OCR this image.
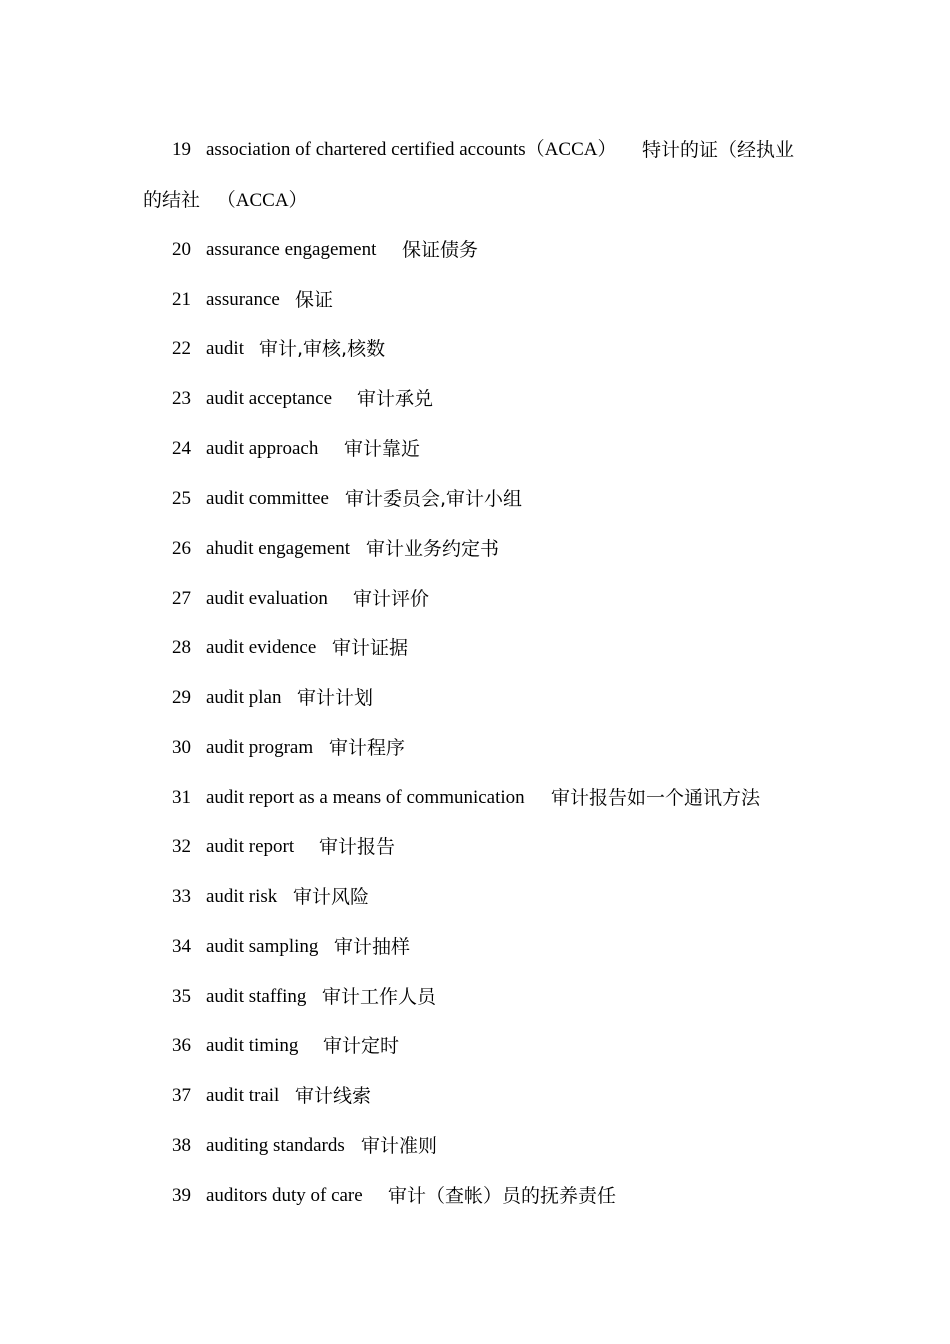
19 association of chartered certified accounts（ACCA） 特计的证（经执业
的结社 （ACCA）
20 assurance engagement 保证债务
21 assurance 保证
22 audit 审计,审核,核数
23 audit acceptance 审计承兑
24 audit approach 审计靠近
25 audit committee 审计委员会,审计小组
26 ahudit engagement 审计业务约定书
27 audit evaluation 审计评价
28 audit evidence 审计证据
29 audit plan 审计计划
30 audit program 审计程序
31 audit report as a means of communication 审计报告如一个通讯方法
32 audit report 审计报告
33 audit risk 审计风险
34 audit sampling 审计抽样
35 audit staffing 审计工作人员
36 audit timing 审计定时
37 audit trail 审计线索
38 auditing standards 审计准则
39 auditors duty of care 审计（查帐）员的抚养责任
